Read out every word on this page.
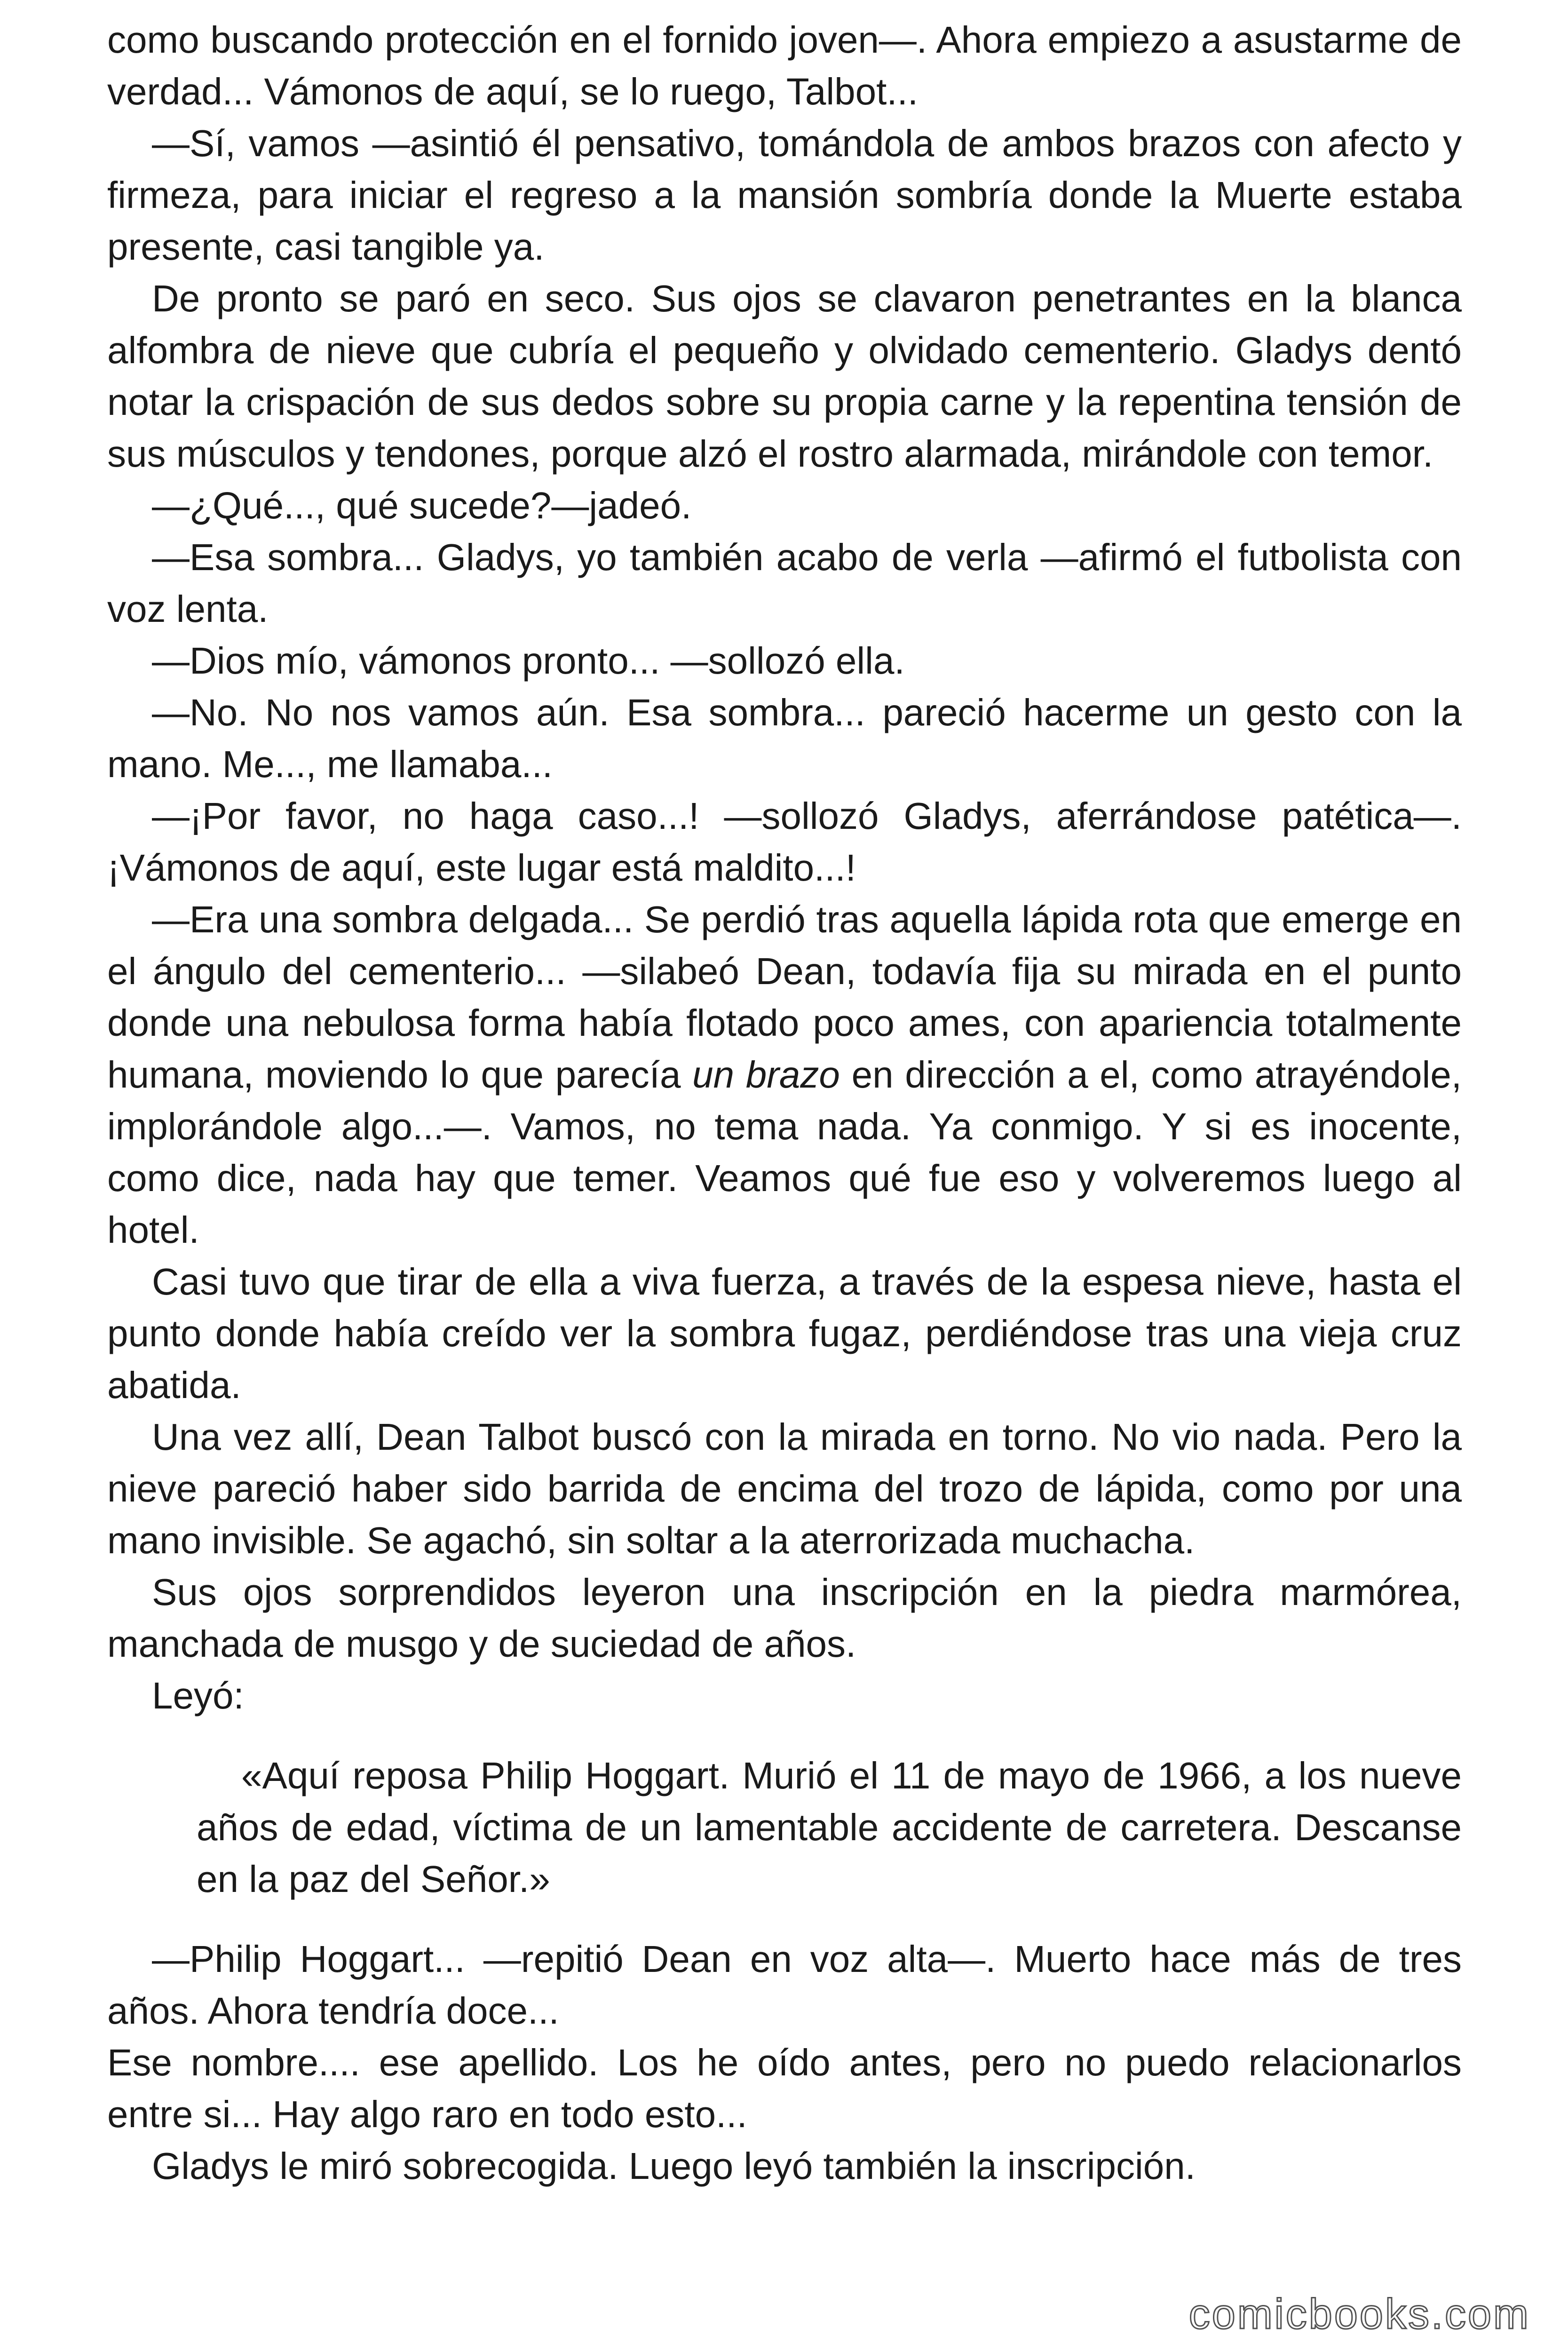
como buscando protección en el fornido joven—. Ahora empiezo a asustarme de verdad... Vámonos de aquí, se lo ruego, Talbot...

—Sí, vamos —asintió él pensativo, tomándola de ambos brazos con afecto y firmeza, para iniciar el regreso a la mansión sombría donde la Muerte estaba presente, casi tangible ya.

De pronto se paró en seco. Sus ojos se clavaron penetrantes en la blanca alfombra de nieve que cubría el pequeño y olvidado cementerio. Gladys dentó notar la crispación de sus dedos sobre su propia carne y la repentina tensión de sus músculos y tendones, porque alzó el rostro alarmada, mirándole con temor.

—¿Qué..., qué sucede?—jadeó.

—Esa sombra... Gladys, yo también acabo de verla —afirmó el futbolista con voz lenta.

—Dios mío, vámonos pronto... —sollozó ella.

—No. No nos vamos aún. Esa sombra... pareció hacerme un gesto con la mano. Me..., me llamaba...

—¡Por favor, no haga caso...! —sollozó Gladys, aferrándose patética—. ¡Vámonos de aquí, este lugar está maldito...!

—Era una sombra delgada... Se perdió tras aquella lápida rota que emerge en el ángulo del cementerio... —silabeó Dean, todavía fija su mirada en el punto donde una nebulosa forma había flotado poco ames, con apariencia totalmente humana, moviendo lo que parecía un brazo en dirección a el, como atrayéndole, implorándole algo...—. Vamos, no tema nada. Ya conmigo. Y si es inocente, como dice, nada hay que temer. Veamos qué fue eso y volveremos luego al hotel.

Casi tuvo que tirar de ella a viva fuerza, a través de la espesa nieve, hasta el punto donde había creído ver la sombra fugaz, perdiéndose tras una vieja cruz abatida.

Una vez allí, Dean Talbot buscó con la mirada en torno. No vio nada. Pero la nieve pareció haber sido barrida de encima del trozo de lápida, como por una mano invisible. Se agachó, sin soltar a la aterrorizada muchacha.

Sus ojos sorprendidos leyeron una inscripción en la piedra marmórea, manchada de musgo y de suciedad de años.

Leyó:

«Aquí reposa Philip Hoggart. Murió el 11 de mayo de 1966, a los nueve años de edad, víctima de un lamentable accidente de carretera. Descanse en la paz del Señor.»

—Philip Hoggart... —repitió Dean en voz alta—. Muerto hace más de tres años. Ahora tendría doce...

Ese nombre.... ese apellido. Los he oído antes, pero no puedo relacionarlos entre si... Hay algo raro en todo esto...

Gladys le miró sobrecogida. Luego leyó también la inscripción.

comicbooks.com
